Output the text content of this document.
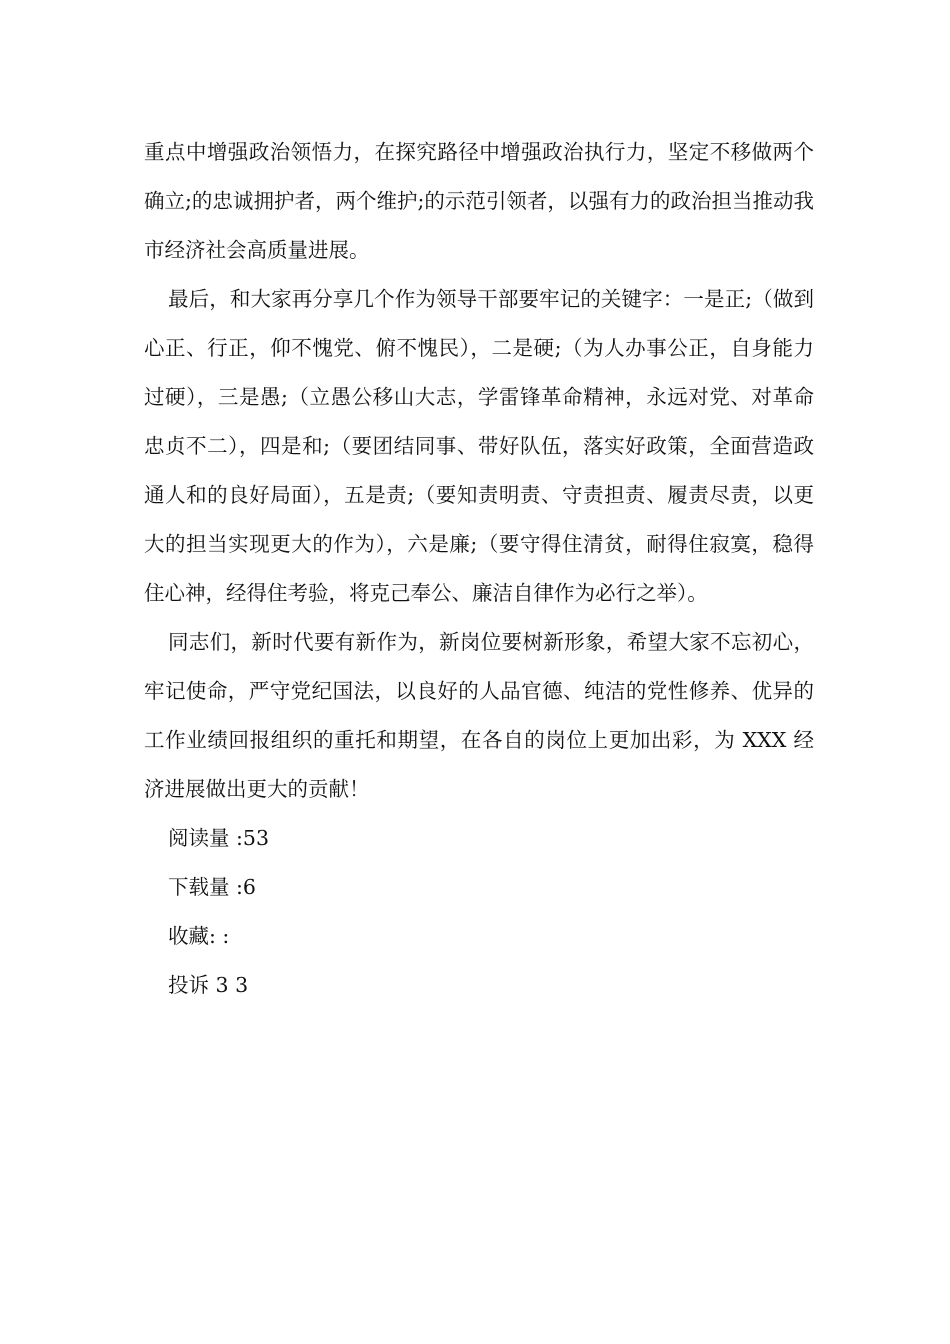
重点中增强政治领悟力，在探究路径中增强政治执行力，坚定不移做两个确立;的忠诚拥护者，两个维护;的示范引领者，以强有力的政治担当推动我市经济社会高质量进展。

最后，和大家再分享几个作为领导干部要牢记的关键字：一是正;（做到心正、行正，仰不愧党、俯不愧民），二是硬;（为人办事公正，自身能力过硬），三是愚;（立愚公移山大志，学雷锋革命精神，永远对党、对革命忠贞不二），四是和;（要团结同事、带好队伍，落实好政策，全面营造政通人和的良好局面），五是责;（要知责明责、守责担责、履责尽责，以更大的担当实现更大的作为），六是廉;（要守得住清贫，耐得住寂寞，稳得住心神，经得住考验，将克己奉公、廉洁自律作为必行之举）。

同志们，新时代要有新作为，新岗位要树新形象，希望大家不忘初心，牢记使命，严守党纪国法，以良好的人品官德、纯洁的党性修养、优异的工作业绩回报组织的重托和期望，在各自的岗位上更加出彩，为 XXX 经济进展做出更大的贡献！

阅读量 :53

下载量 :6

收藏: :

投诉 3 3
